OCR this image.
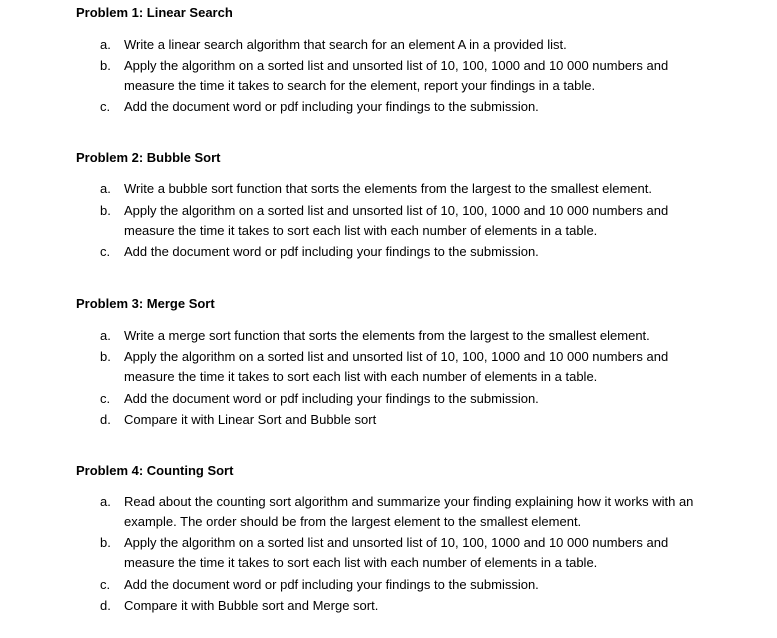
Problem 1: Linear Search
a.	Write a linear search algorithm that search for an element A in a provided list.
b.	Apply the algorithm on a sorted list and unsorted list of 10, 100, 1000 and 10 000 numbers and measure the time it takes to search for the element, report your findings in a table.
c.	Add the document word or pdf including your findings to the submission.
Problem 2: Bubble Sort
a.	Write a bubble sort function that sorts the elements from the largest to the smallest element.
b.	Apply the algorithm on a sorted list and unsorted list of 10, 100, 1000 and 10 000 numbers and measure the time it takes to sort each list with each number of elements in a table.
c.	Add the document word or pdf including your findings to the submission.
Problem 3: Merge Sort
a.	Write a merge sort function that sorts the elements from the largest to the smallest element.
b.	Apply the algorithm on a sorted list and unsorted list of 10, 100, 1000 and 10 000 numbers and measure the time it takes to sort each list with each number of elements in a table.
c.	Add the document word or pdf including your findings to the submission.
d.	Compare it with Linear Sort and Bubble sort
Problem 4: Counting Sort
a.	Read about the counting sort algorithm and summarize your finding explaining how it works with an example. The order should be from the largest element to the smallest element.
b.	Apply the algorithm on a sorted list and unsorted list of 10, 100, 1000 and 10 000 numbers and measure the time it takes to sort each list with each number of elements in a table.
c.	Add the document word or pdf including your findings to the submission.
d.	Compare it with Bubble sort and Merge sort.
